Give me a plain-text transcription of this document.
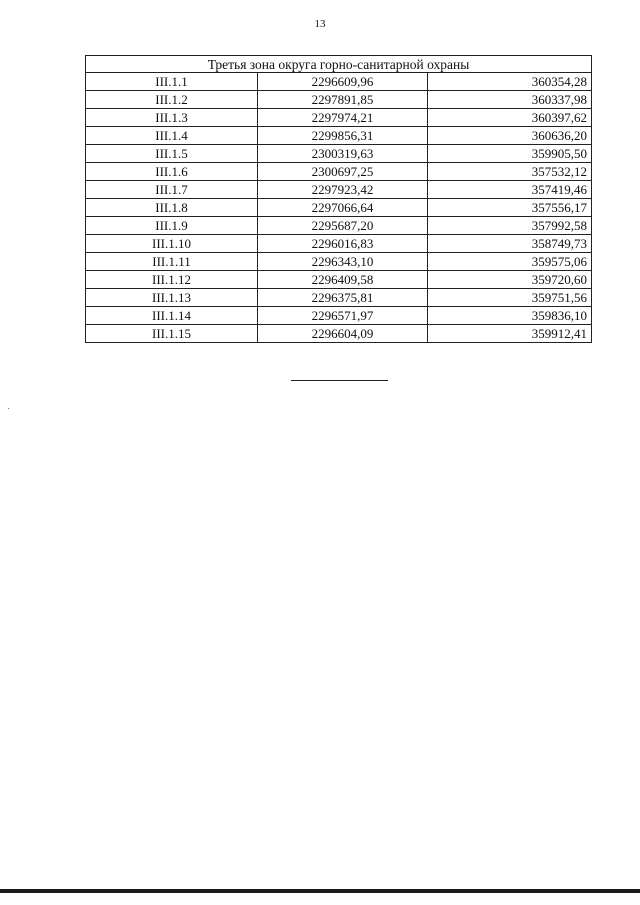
13
Третья зона округа горно-санитарной охраны		
III.1.1	2296609,96	360354,28
III.1.2	2297891,85	360337,98
III.1.3	2297974,21	360397,62
III.1.4	2299856,31	360636,20
III.1.5	2300319,63	359905,50
III.1.6	2300697,25	357532,12
III.1.7	2297923,42	357419,46
III.1.8	2297066,64	357556,17
III.1.9	2295687,20	357992,58
III.1.10	2296016,83	358749,73
III.1.11	2296343,10	359575,06
III.1.12	2296409,58	359720,60
III.1.13	2296375,81	359751,56
III.1.14	2296571,97	359836,10
III.1.15	2296604,09	359912,41
